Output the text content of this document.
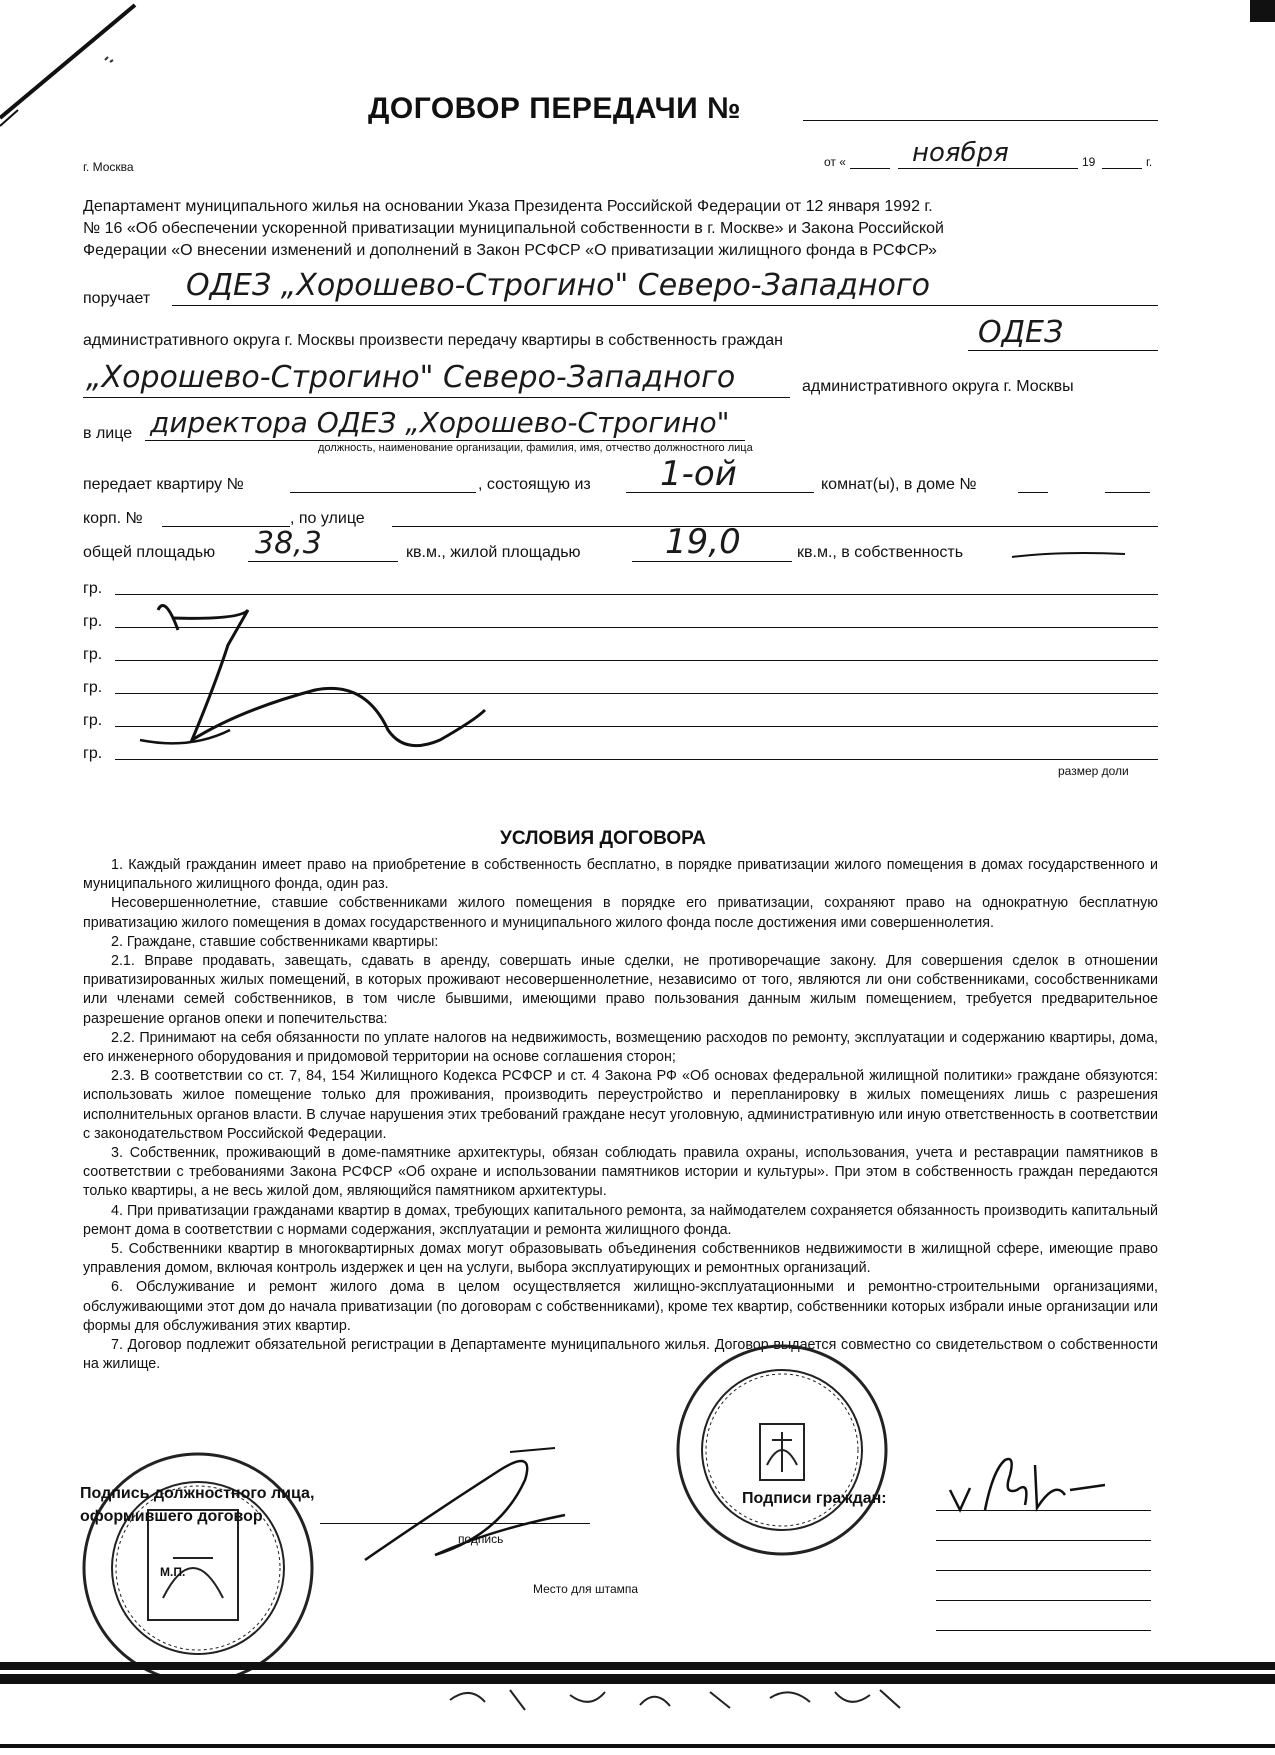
ДОГОВОР ПЕРЕДАЧИ №
г. Москва	от «	ноября	19	г.
Департамент муниципального жилья на основании Указа Президента Российской Федерации от 12 января 1992 г.
№ 16 «Об обеспечении ускоренной приватизации муниципальной собственности в г. Москве» и Закона Российской
Федерации «О внесении изменений и дополнений в Закон РСФСР «О приватизации жилищного фонда в РСФСР»
поручает ОДЕЗ „Хорошево-Строгино" Северо-Западного
административного округа г. Москвы произвести передачу квартиры в собственность граждан	ОДЕЗ
„Хорошево-Строгино" Северо-Западного	административного округа г. Москвы
в лице директора ОДЕЗ „Хорошево-Строгино"
должность, наименование организации, фамилия, имя, отчество должностного лица
передает квартиру №	, состоящую из 1-ой	комнат(ы), в доме №
корп. №	, по улице
общей площадью 38,3	кв.м., жилой площадью 19,0	кв.м., в собственность
гр.
гр.
гр.
гр.
гр.
гр.
размер доли
УСЛОВИЯ ДОГОВОРА

1. Каждый гражданин имеет право на приобретение в собственность бесплатно, в порядке приватизации жилого помещения в домах государственного и муниципального жилищного фонда, один раз.

Несовершеннолетние, ставшие собственниками жилого помещения в порядке его приватизации, сохраняют право на однократную бесплатную приватизацию жилого помещения в домах государственного и муниципального жилого фонда после достижения ими совершеннолетия.

2. Граждане, ставшие собственниками квартиры:

2.1. Вправе продавать, завещать, сдавать в аренду, совершать иные сделки, не противоречащие закону. Для совершения сделок в отношении приватизированных жилых помещений, в которых проживают несовершеннолетние, независимо от того, являются ли они собственниками, сособственниками или членами семей собственников, в том числе бывшими, имеющими право пользования данным жилым помещением, требуется предварительное разрешение органов опеки и попечительства:

2.2. Принимают на себя обязанности по уплате налогов на недвижимость, возмещению расходов по ремонту, эксплуатации и содержанию квартиры, дома, его инженерного оборудования и придомовой территории на основе соглашения сторон;

2.3. В соответствии со ст. 7, 84, 154 Жилищного Кодекса РСФСР и ст. 4 Закона РФ «Об основах федеральной жилищной политики» граждане обязуются: использовать жилое помещение только для проживания, производить переустройство и перепланировку в жилых помещениях лишь с разрешения исполнительных органов власти. В случае нарушения этих требований граждане несут уголовную, административную или иную ответственность в соответствии с законодательством Российской Федерации.

3. Собственник, проживающий в доме-памятнике архитектуры, обязан соблюдать правила охраны, использования, учета и реставрации памятников в соответствии с требованиями Закона РСФСР «Об охране и использовании памятников истории и культуры». При этом в собственность граждан передаются только квартиры, а не весь жилой дом, являющийся памятником архитектуры.

4. При приватизации гражданами квартир в домах, требующих капитального ремонта, за наймодателем сохраняется обязанность производить капитальный ремонт дома в соответствии с нормами содержания, эксплуатации и ремонта жилищного фонда.

5. Собственники квартир в многоквартирных домах могут образовывать объединения собственников недвижимости в жилищной сфере, имеющие право управления домом, включая контроль издержек и цен на услуги, выбора эксплуатирующих и ремонтных организаций.

6. Обслуживание и ремонт жилого дома в целом осуществляется жилищно-эксплуатационными и ремонтно-строительными организациями, обслуживающими этот дом до начала приватизации (по договорам с собственниками), кроме тех квартир, собственники которых избрали иные организации или формы для обслуживания этих квартир.

7. Договор подлежит обязательной регистрации в Департаменте муниципального жилья. Договор выдается совместно со свидетельством о собственности на жилище.

М.П.
Подпись должностного лица,
оформившего договор
подпись
Место для штампа
Подписи граждан:
